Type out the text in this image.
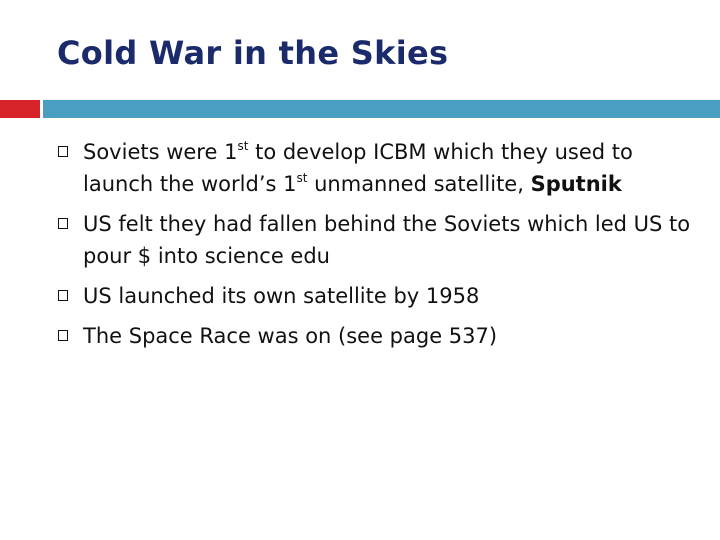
Cold War in the Skies
Soviets were 1st to develop ICBM which they used to launch the world’s 1st unmanned satellite, Sputnik
US felt they had fallen behind the Soviets which led US to pour $ into science edu
US launched its own satellite by 1958
The Space Race was on (see page 537)
